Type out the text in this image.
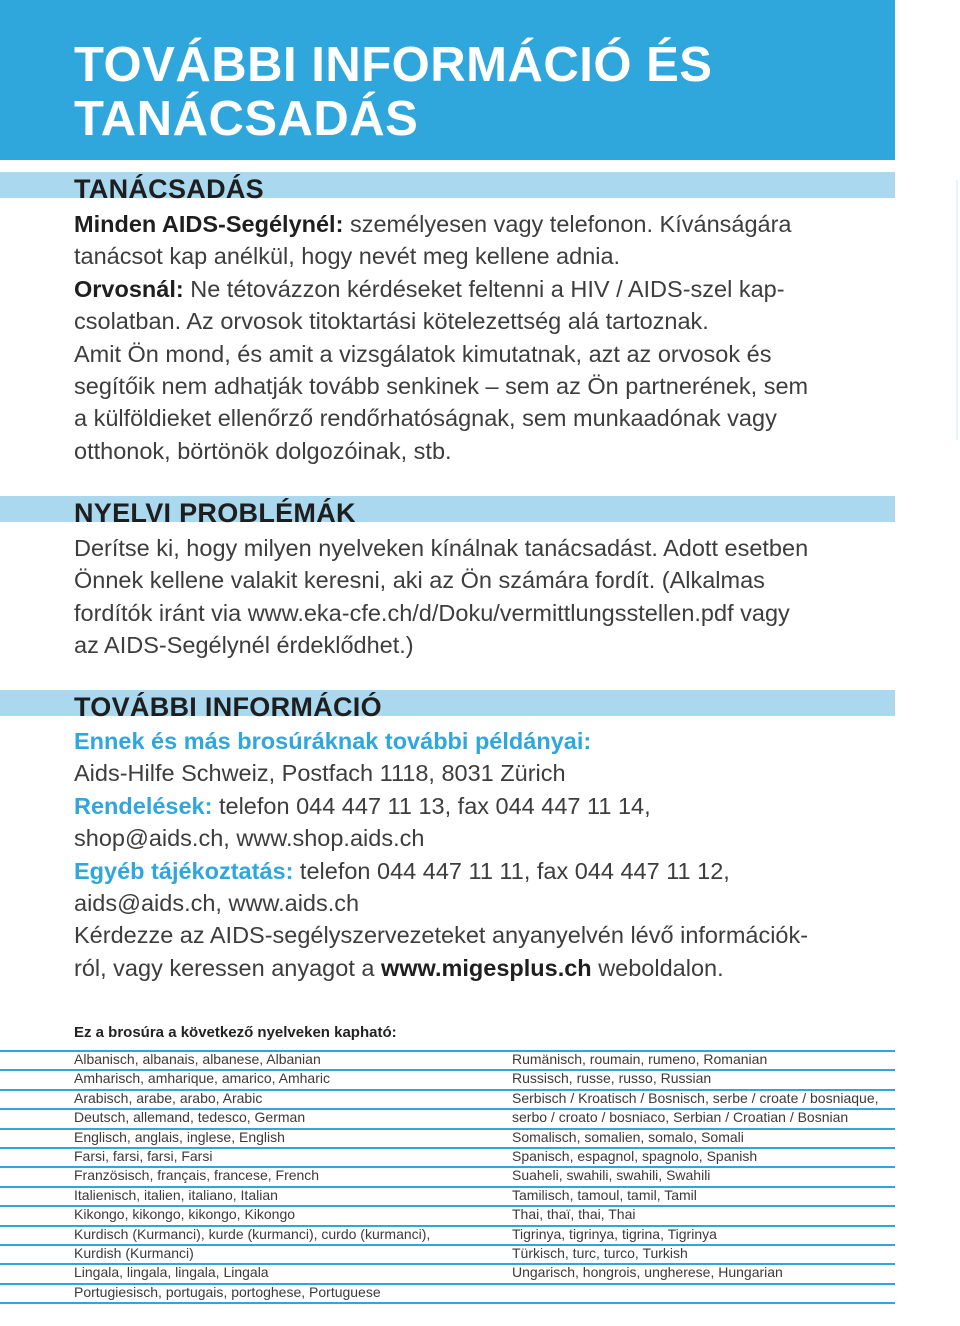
TOVÁBBI INFORMÁCIÓ ÉS
TANÁCSADÁS
TANÁCSADÁS
Minden AIDS-Segélynél: személyesen vagy telefonon. Kívánságára
tanácsot kap anélkül, hogy nevét meg kellene adnia.
Orvosnál: Ne tétovázzon kérdéseket feltenni a HIV / AIDS-szel kap-
csolatban. Az orvosok titoktartási kötelezettség alá tartoznak.
Amit Ön mond, és amit a vizsgálatok kimutatnak, azt az orvosok és
segítőik nem adhatják tovább senkinek – sem az Ön partnerének, sem
a külföldieket ellenőrző rendőrhatóságnak, sem munkaadónak vagy
otthonok, börtönök dolgozóinak, stb.
NYELVI PROBLÉMÁK
Derítse ki, hogy milyen nyelveken kínálnak tanácsadást. Adott esetben
Önnek kellene valakit keresni, aki az Ön számára fordít. (Alkalmas
fordítók iránt via www.eka-cfe.ch/d/Doku/vermittlungsstellen.pdf vagy
az AIDS-Segélynél érdeklődhet.)
TOVÁBBI INFORMÁCIÓ
Ennek és más brosúráknak további példányai:
Aids-Hilfe Schweiz, Postfach 1118, 8031 Zürich
Rendelések: telefon 044 447 11 13, fax 044 447 11 14,
shop@aids.ch, www.shop.aids.ch
Egyéb tájékoztatás: telefon 044 447 11 11, fax 044 447 11 12,
aids@aids.ch, www.aids.ch
Kérdezze az AIDS-segélyszervezeteket anyanyelvén lévő információk-
ról, vagy keressen anyagot a www.migesplus.ch weboldalon.

Ez a brosúra a következő nyelveken kapható:

Albanisch, albanais, albanese, Albanian
Amharisch, amharique, amarico, Amharic
Arabisch, arabe, arabo, Arabic
Deutsch, allemand, tedesco, German
Englisch, anglais, inglese, English
Farsi, farsi, farsi, Farsi
Französisch, français, francese, French
Italienisch, italien, italiano, Italian
Kikongo, kikongo, kikongo, Kikongo
Kurdisch (Kurmanci), kurde (kurmanci), curdo (kurmanci),
Kurdish (Kurmanci)
Lingala, lingala, lingala, Lingala
Portugiesisch, portugais, portoghese, Portuguese
Rumänisch, roumain, rumeno, Romanian
Russisch, russe, russo, Russian
Serbisch / Kroatisch / Bosnisch, serbe / croate / bosniaque,
serbo / croato / bosniaco, Serbian / Croatian / Bosnian
Somalisch, somalien, somalo, Somali
Spanisch, espagnol, spagnolo, Spanish
Suaheli, swahili, swahili, Swahili
Tamilisch, tamoul, tamil, Tamil
Thai, thaï, thai, Thai
Tigrinya, tigrinya, tigrina, Tigrinya
Türkisch, turc, turco, Turkish
Ungarisch, hongrois, ungherese, Hungarian
